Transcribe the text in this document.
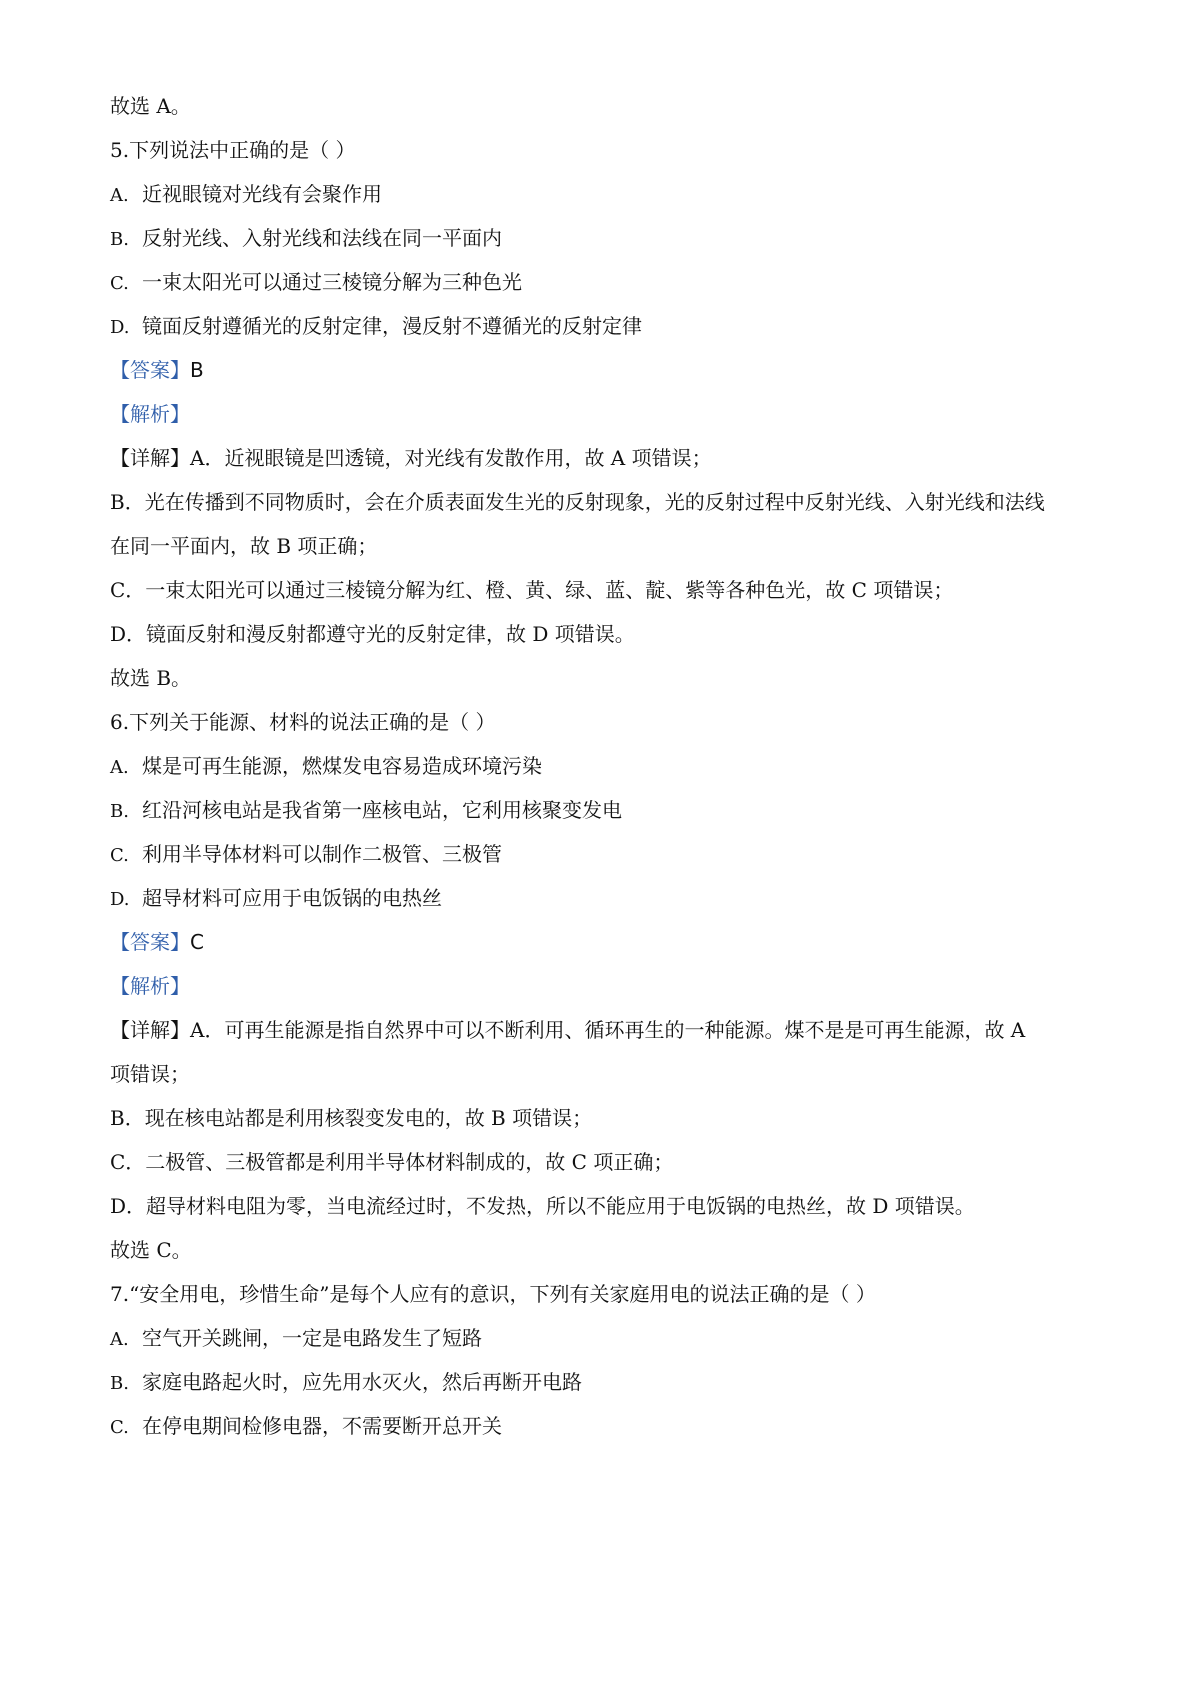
故选 A。
5.下列说法中正确的是（ ）
A. 近视眼镜对光线有会聚作用
B. 反射光线、入射光线和法线在同一平面内
C. 一束太阳光可以通过三棱镜分解为三种色光
D. 镜面反射遵循光的反射定律，漫反射不遵循光的反射定律
【答案】B
【解析】
【详解】A．近视眼镜是凹透镜，对光线有发散作用，故 A 项错误；
B．光在传播到不同物质时，会在介质表面发生光的反射现象，光的反射过程中反射光线、入射光线和法线
在同一平面内，故 B 项正确；
C．一束太阳光可以通过三棱镜分解为红、橙、黄、绿、蓝、靛、紫等各种色光，故 C 项错误；
D．镜面反射和漫反射都遵守光的反射定律，故 D 项错误。
故选 B。
6.下列关于能源、材料的说法正确的是（ ）
A. 煤是可再生能源，燃煤发电容易造成环境污染
B. 红沿河核电站是我省第一座核电站，它利用核聚变发电
C. 利用半导体材料可以制作二极管、三极管
D. 超导材料可应用于电饭锅的电热丝
【答案】C
【解析】
【详解】A．可再生能源是指自然界中可以不断利用、循环再生的一种能源。煤不是是可再生能源，故 A
项错误；
B．现在核电站都是利用核裂变发电的，故 B 项错误；
C．二极管、三极管都是利用半导体材料制成的，故 C 项正确；
D．超导材料电阻为零，当电流经过时，不发热，所以不能应用于电饭锅的电热丝，故 D 项错误。
故选 C。
7.“安全用电，珍惜生命”是每个人应有的意识，下列有关家庭用电的说法正确的是（ ）
A. 空气开关跳闸，一定是电路发生了短路
B. 家庭电路起火时，应先用水灭火，然后再断开电路
C. 在停电期间检修电器，不需要断开总开关
